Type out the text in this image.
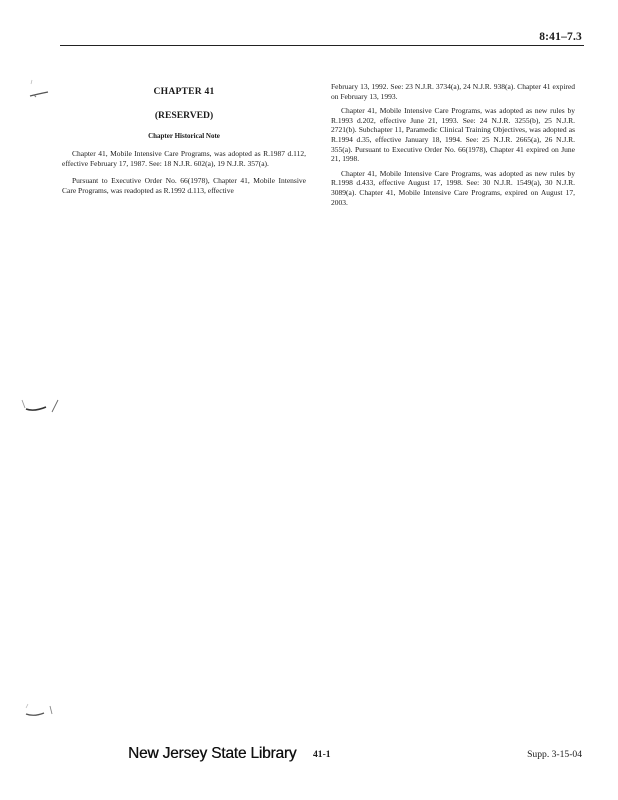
8:41–7.3
CHAPTER 41
(RESERVED)
Chapter Historical Note

Chapter 41, Mobile Intensive Care Programs, was adopted as R.1987 d.112, effective February 17, 1987. See: 18 N.J.R. 602(a), 19 N.J.R. 357(a).

Pursuant to Executive Order No. 66(1978), Chapter 41, Mobile Intensive Care Programs, was readopted as R.1992 d.113, effective

February 13, 1992. See: 23 N.J.R. 3734(a), 24 N.J.R. 938(a). Chapter 41 expired on February 13, 1993.

Chapter 41, Mobile Intensive Care Programs, was adopted as new rules by R.1993 d.202, effective June 21, 1993. See: 24 N.J.R. 3255(b), 25 N.J.R. 2721(b). Subchapter 11, Paramedic Clinical Training Objectives, was adopted as R.1994 d.35, effective January 18, 1994. See: 25 N.J.R. 2665(a), 26 N.J.R. 355(a). Pursuant to Executive Order No. 66(1978), Chapter 41 expired on June 21, 1998.

Chapter 41, Mobile Intensive Care Programs, was adopted as new rules by R.1998 d.433, effective August 17, 1998. See: 30 N.J.R. 1549(a), 30 N.J.R. 3089(a). Chapter 41, Mobile Intensive Care Programs, expired on August 17, 2003.

New Jersey State Library 41-1	Supp. 3-15-04
